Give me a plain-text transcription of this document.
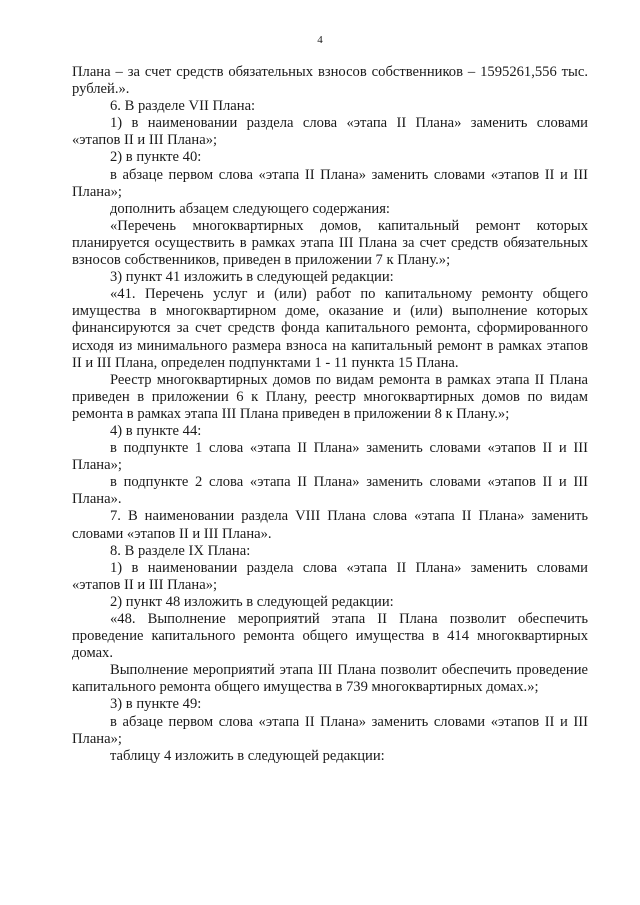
4

Плана – за счет средств обязательных взносов собственников – 1595261,556 тыс. рублей.».

6. В разделе VII Плана:

1) в наименовании раздела слова «этапа II Плана» заменить словами «этапов II и III Плана»;

2) в пункте 40:

в абзаце первом слова «этапа II Плана» заменить словами «этапов II и III Плана»;

дополнить абзацем следующего содержания:

«Перечень многоквартирных домов, капитальный ремонт которых планируется осуществить в рамках этапа III Плана за счет средств обязательных взносов собственников, приведен в приложении 7 к Плану.»;

3) пункт 41 изложить в следующей редакции:

«41. Перечень услуг и (или) работ по капитальному ремонту общего имущества в многоквартирном доме, оказание и (или) выполнение которых финансируются за счет средств фонда капитального ремонта, сформированного исходя из минимального размера взноса на капитальный ремонт в рамках этапов II и III Плана, определен подпунктами 1 - 11 пункта 15 Плана.

Реестр многоквартирных домов по видам ремонта в рамках этапа II Плана приведен в приложении 6 к Плану, реестр многоквартирных домов по видам ремонта в рамках этапа III Плана приведен в приложении 8 к Плану.»;

4) в пункте 44:

в подпункте 1 слова «этапа II Плана» заменить словами «этапов II и III Плана»;

в подпункте 2 слова «этапа II Плана» заменить словами «этапов II и III Плана».

7. В наименовании раздела VIII Плана слова «этапа II Плана» заменить словами «этапов II и III Плана».

8. В разделе IX Плана:

1) в наименовании раздела слова «этапа II Плана» заменить словами «этапов II и III Плана»;

2) пункт 48 изложить в следующей редакции:

«48. Выполнение мероприятий этапа II Плана позволит обеспечить проведение капитального ремонта общего имущества в 414 многоквартирных домах.

Выполнение мероприятий этапа III Плана позволит обеспечить проведение капитального ремонта общего имущества в 739 многоквартирных домах.»;

3) в пункте 49:

в абзаце первом слова «этапа II Плана» заменить словами «этапов II и III Плана»;

таблицу 4 изложить в следующей редакции:
